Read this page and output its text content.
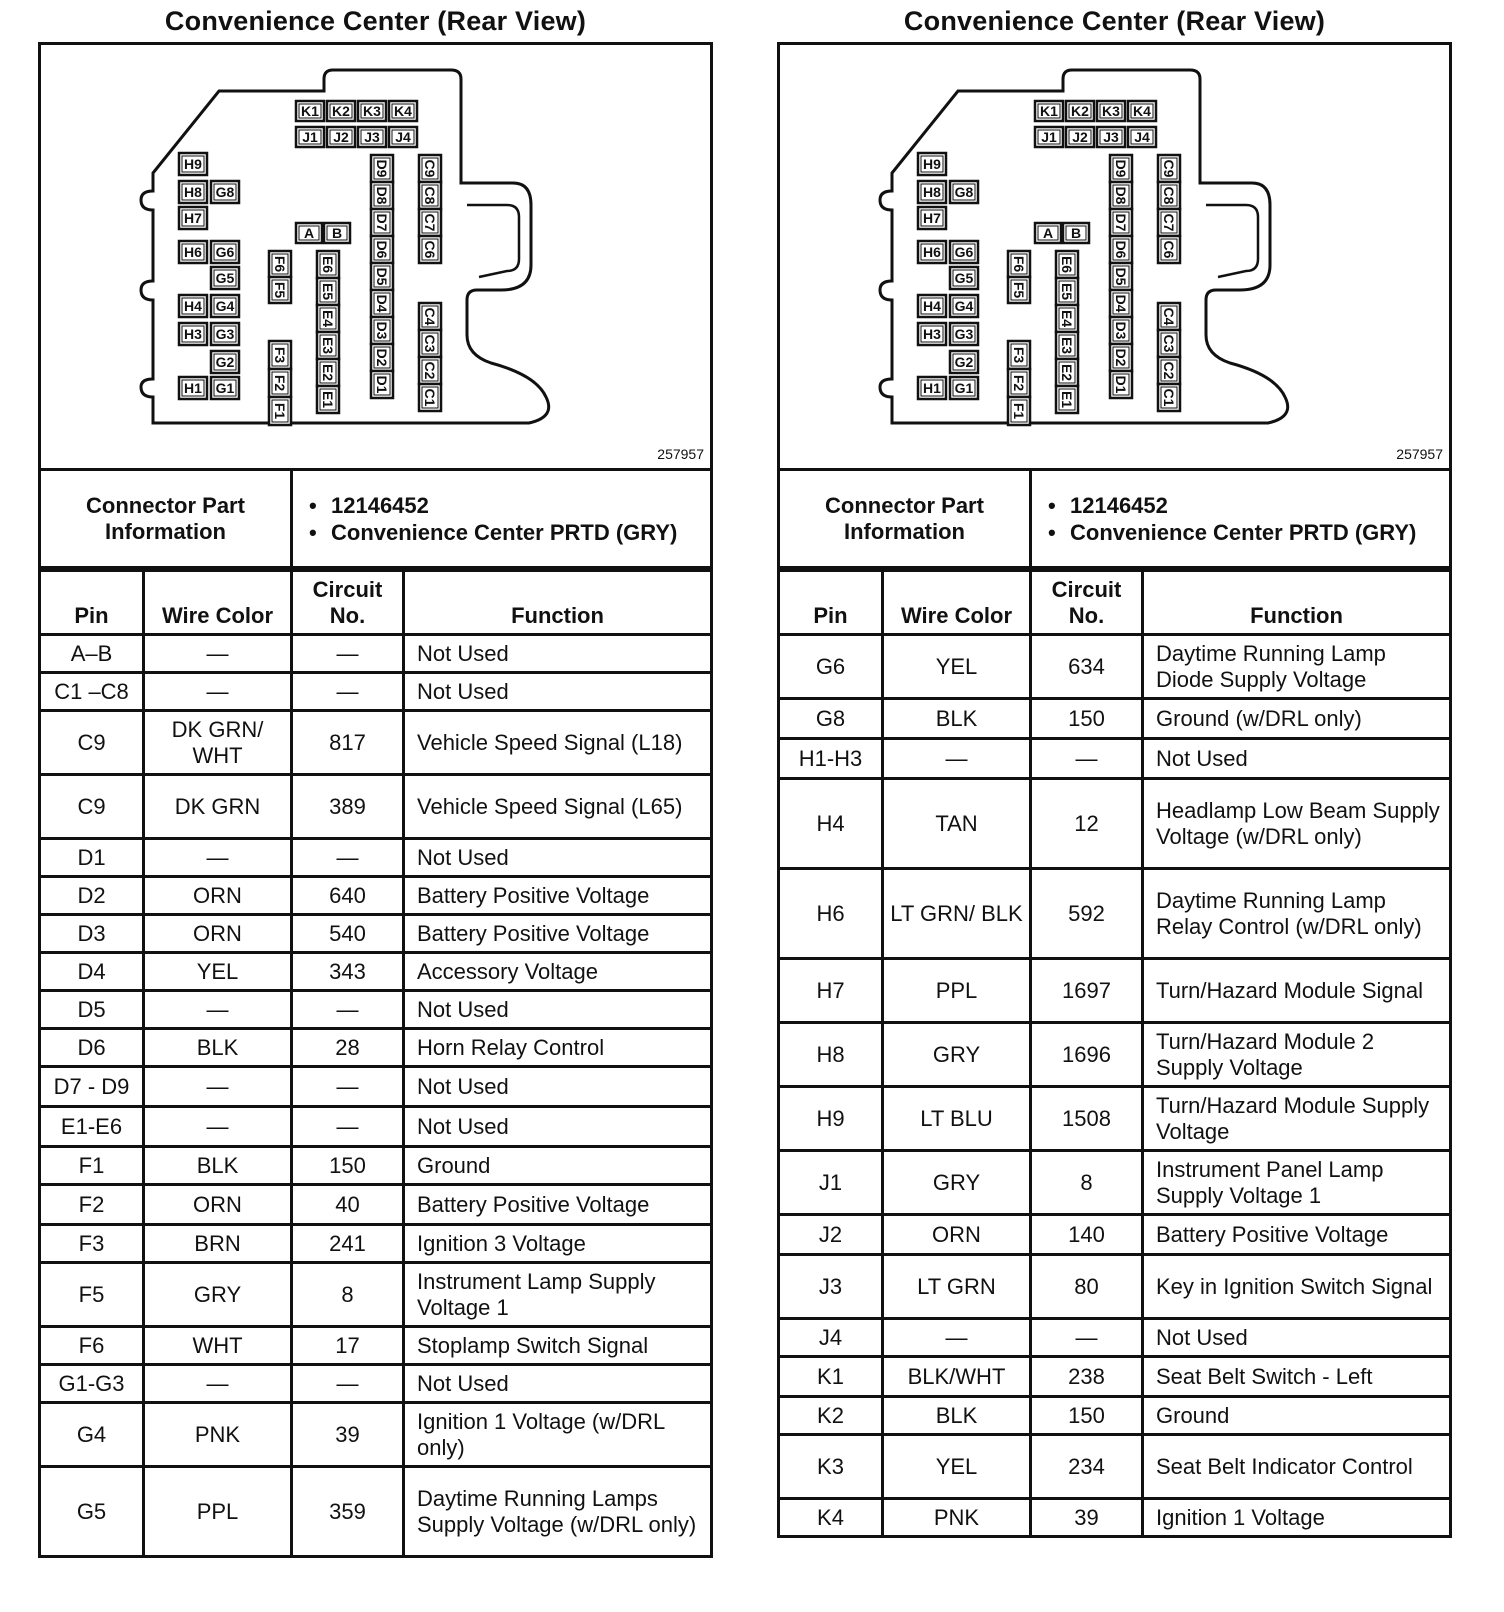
Convenience Center (Rear View)
K1 K2 K3 K4
J1 J2 J3 J4
H9
H8
H7
H6
H4
H3
H1
G8
G6
G5
G4
G3
G2
G1
A B
F6
F5
F3
F2
F1
E6
E5
E4
E3
E2
E1
D9
D8
D7
D6
D5
D4
D3
D2
D1
C9
C8
C7
C6
C4
C3
C2
C1
257957
Connector Part Information	
• 12146452
• Convenience Center PRTD (GRY)
Pin	Wire Color	Circuit No.	Function
A–B	—	—	Not Used
C1 –C8	—	—	Not Used
C9	DK GRN/ WHT	817	Vehicle Speed Signal (L18)
C9	DK GRN	389	Vehicle Speed Signal (L65)
D1	—	—	Not Used
D2	ORN	640	Battery Positive Voltage
D3	ORN	540	Battery Positive Voltage
D4	YEL	343	Accessory Voltage
D5	—	—	Not Used
D6	BLK	28	Horn Relay Control
D7 - D9	—	—	Not Used
E1-E6	—	—	Not Used
F1	BLK	150	Ground
F2	ORN	40	Battery Positive Voltage
F3	BRN	241	Ignition 3 Voltage
F5	GRY	8	Instrument Lamp Supply Voltage 1
F6	WHT	17	Stoplamp Switch Signal
G1-G3	—	—	Not Used
G4	PNK	39	Ignition 1 Voltage (w/DRL only)
G5	PPL	359	Daytime Running Lamps Supply Voltage (w/DRL only)
Convenience Center (Rear View)
K1 K2 K3 K4
J1 J2 J3 J4
H9
H8
H7
H6
H4
H3
H1
G8
G6
G5
G4
G3
G2
G1
A B
F6
F5
F3
F2
F1
E6
E5
E4
E3
E2
E1
D9
D8
D7
D6
D5
D4
D3
D2
D1
C9
C8
C7
C6
C4
C3
C2
C1
257957
Connector Part Information	
• 12146452
• Convenience Center PRTD (GRY)
Pin	Wire Color	Circuit No.	Function
G6	YEL	634	Daytime Running Lamp Diode Supply Voltage
G8	BLK	150	Ground (w/DRL only)
H1-H3	—	—	Not Used
H4	TAN	12	Headlamp Low Beam Supply Voltage (w/DRL only)
H6	LT GRN/ BLK	592	Daytime Running Lamp Relay Control (w/DRL only)
H7	PPL	1697	Turn/Hazard Module Signal
H8	GRY	1696	Turn/Hazard Module 2 Supply Voltage
H9	LT BLU	1508	Turn/Hazard Module Supply Voltage
J1	GRY	8	Instrument Panel Lamp Supply Voltage 1
J2	ORN	140	Battery Positive Voltage
J3	LT GRN	80	Key in Ignition Switch Signal
J4	—	—	Not Used
K1	BLK/WHT	238	Seat Belt Switch - Left
K2	BLK	150	Ground
K3	YEL	234	Seat Belt Indicator Control
K4	PNK	39	Ignition 1 Voltage
